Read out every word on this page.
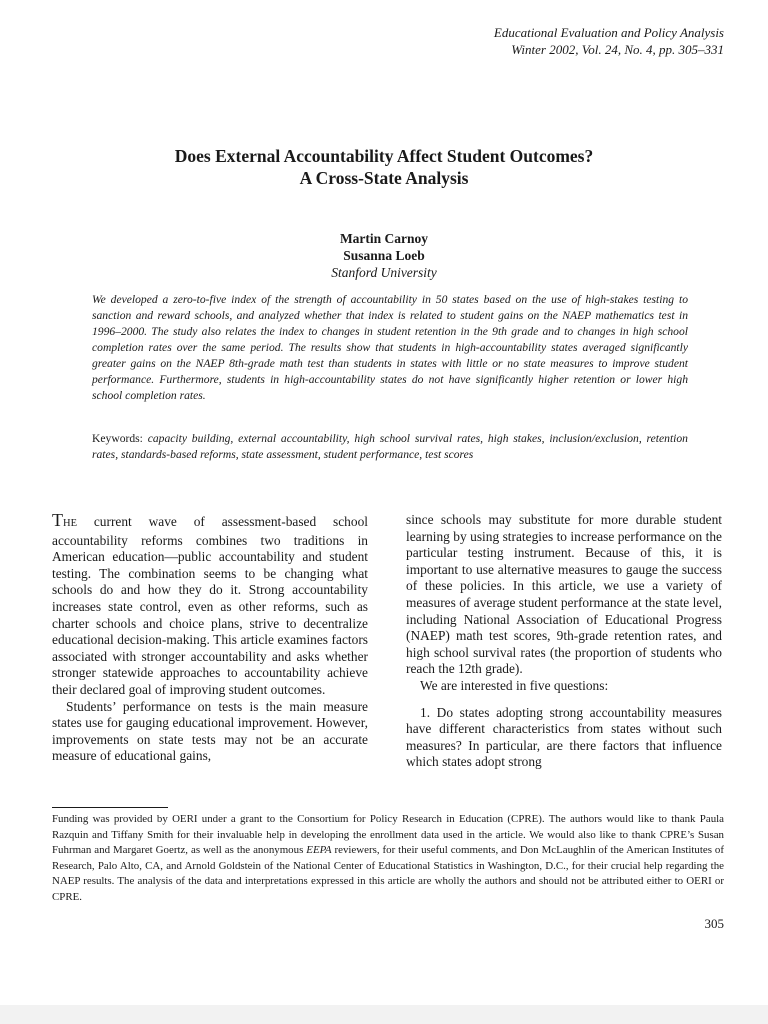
Educational Evaluation and Policy Analysis
Winter 2002, Vol. 24, No. 4, pp. 305–331
Does External Accountability Affect Student Outcomes?
A Cross-State Analysis
Martin Carnoy
Susanna Loeb
Stanford University

We developed a zero-to-five index of the strength of accountability in 50 states based on the use of high-stakes testing to sanction and reward schools, and analyzed whether that index is related to student gains on the NAEP mathematics test in 1996–2000. The study also relates the index to changes in student retention in the 9th grade and to changes in high school completion rates over the same period. The results show that students in high-accountability states averaged significantly greater gains on the NAEP 8th-grade math test than students in states with little or no state measures to improve student performance. Furthermore, students in high-accountability states do not have significantly higher retention or lower high school completion rates.

Keywords: capacity building, external accountability, high school survival rates, high stakes, inclusion/exclusion, retention rates, standards-based reforms, state assessment, student performance, test scores

THE current wave of assessment-based school accountability reforms combines two traditions in American education—public accountability and student testing. The combination seems to be changing what schools do and how they do it. Strong accountability increases state control, even as other reforms, such as charter schools and choice plans, strive to decentralize educational decision-making. This article examines factors associated with stronger accountability and asks whether stronger statewide approaches to accountability achieve their declared goal of improving student outcomes.

Students’ performance on tests is the main measure states use for gauging educational improvement. However, improvements on state tests may not be an accurate measure of educational gains,

since schools may substitute for more durable student learning by using strategies to increase performance on the particular testing instrument. Because of this, it is important to use alternative measures to gauge the success of these policies. In this article, we use a variety of measures of average student performance at the state level, including National Association of Educational Progress (NAEP) math test scores, 9th-grade retention rates, and high school survival rates (the proportion of students who reach the 12th grade).

We are interested in five questions:

1. Do states adopting strong accountability measures have different characteristics from states without such measures? In particular, are there factors that influence which states adopt strong

Funding was provided by OERI under a grant to the Consortium for Policy Research in Education (CPRE). The authors would like to thank Paula Razquin and Tiffany Smith for their invaluable help in developing the enrollment data used in the article. We would also like to thank CPRE’s Susan Fuhrman and Margaret Goertz, as well as the anonymous EEPA reviewers, for their useful comments, and Don McLaughlin of the American Institutes of Research, Palo Alto, CA, and Arnold Goldstein of the National Center of Educational Statistics in Washington, D.C., for their crucial help regarding the NAEP results. The analysis of the data and interpretations expressed in this article are wholly the authors and should not be attributed either to OERI or CPRE.

305
